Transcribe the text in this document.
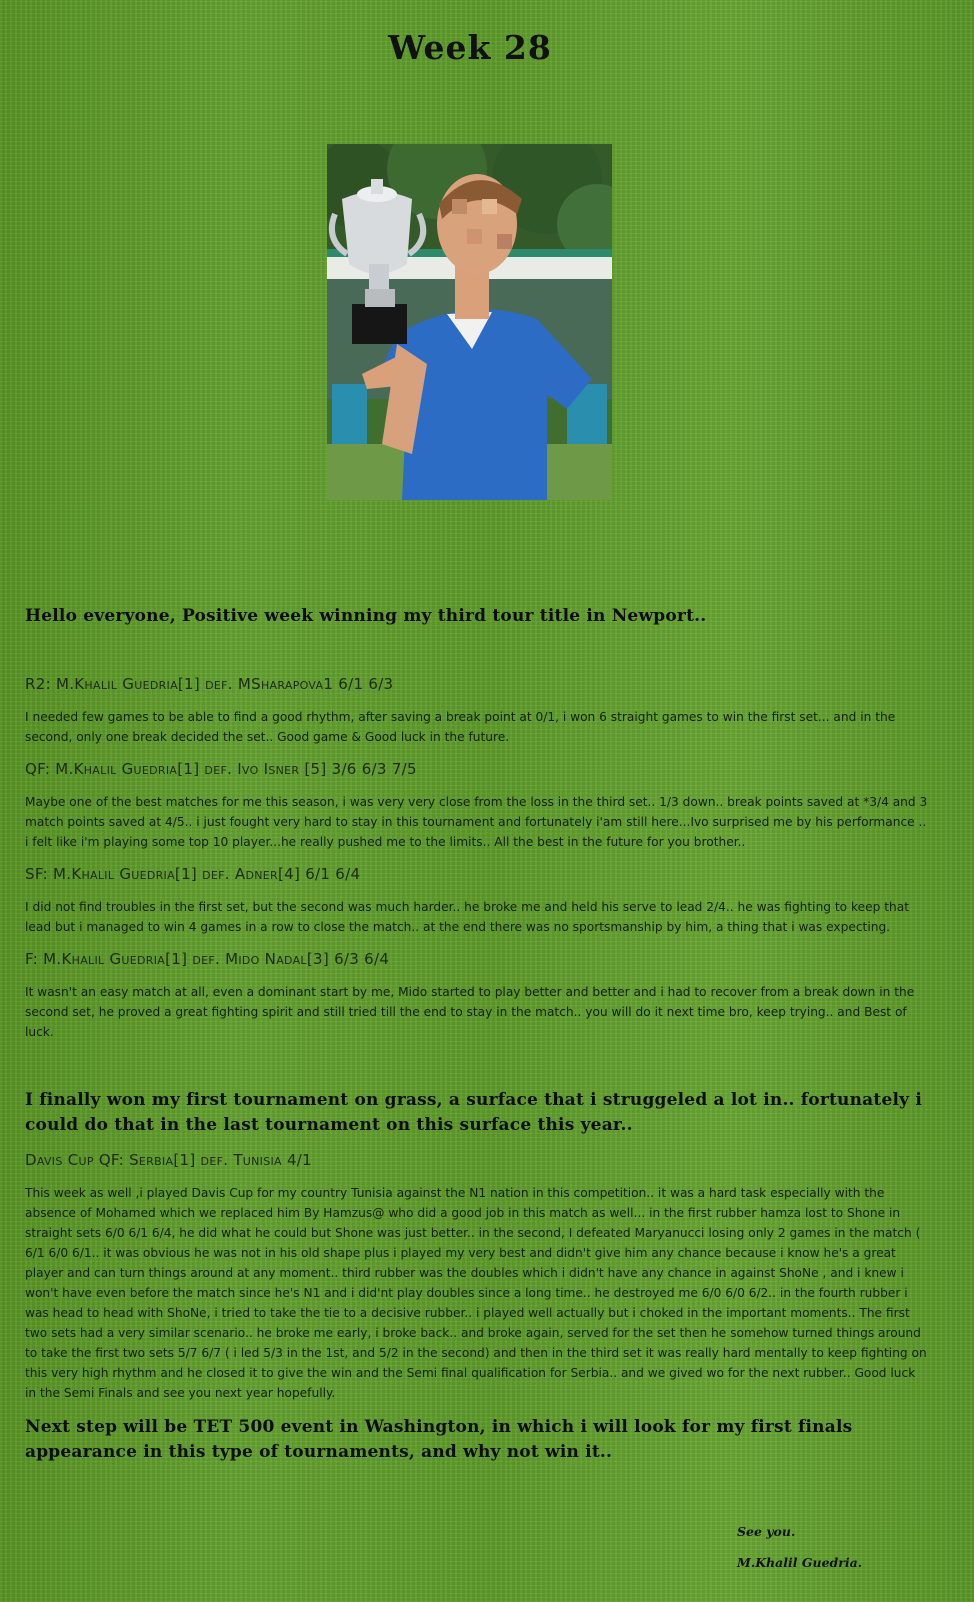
Week 28
Hello everyone, Positive week winning my third tour title in Newport..
R2: M.Khalil Guedria[1] def. MSharapova1 6/1 6/3
I needed few games to be able to find a good rhythm, after saving a break point at 0/1, i won 6 straight games to win the first set... and in the second, only one break decided the set.. Good game & Good luck in the future.
QF: M.Khalil Guedria[1] def. Ivo Isner [5] 3/6 6/3 7/5
Maybe one of the best matches for me this season, i was very very close from the loss in the third set.. 1/3 down.. break points saved at *3/4 and 3 match points saved at 4/5.. i just fought very hard to stay in this tournament and fortunately i'am still here...Ivo surprised me by his performance .. i felt like i'm playing some top 10 player...he really pushed me to the limits.. All the best in the future for you brother..
SF: M.Khalil Guedria[1] def. Adner[4] 6/1 6/4
I did not find troubles in the first set, but the second was much harder.. he broke me and held his serve to lead 2/4.. he was fighting to keep that lead but i managed to win 4 games in a row to close the match.. at the end there was no sportsmanship by him, a thing that i was expecting.
F: M.Khalil Guedria[1] def. Mido Nadal[3] 6/3 6/4
It wasn't an easy match at all, even a dominant start by me, Mido started to play better and better and i had to recover from a break down in the second set, he proved a great fighting spirit and still tried till the end to stay in the match.. you will do it next time bro, keep trying.. and Best of luck.
I finally won my first tournament on grass, a surface that i struggeled a lot in.. fortunately i could do that in the last tournament on this surface this year..
Davis Cup QF: Serbia[1] def. Tunisia 4/1
This week as well ,i played Davis Cup for my country Tunisia against the N1 nation in this competition.. it was a hard task especially with the absence of Mohamed which we replaced him By Hamzus@ who did a good job in this match as well... in the first rubber hamza lost to Shone in straight sets 6/0 6/1 6/4, he did what he could but Shone was just better.. in the second, I defeated Maryanucci losing only 2 games in the match ( 6/1 6/0 6/1.. it was obvious he was not in his old shape plus i played my very best and didn't give him any chance because i know he's a great player and can turn things around at any moment.. third rubber was the doubles which i didn't have any chance in against ShoNe , and i knew i won't have even before the match since he's N1 and i did'nt play doubles since a long time.. he destroyed me 6/0 6/0 6/2.. in the fourth rubber i was head to head with ShoNe, i tried to take the tie to a decisive rubber.. i played well actually but i choked in the important moments.. The first two sets had a very similar scenario.. he broke me early, i broke back.. and broke again, served for the set then he somehow turned things around to take the first two sets 5/7 6/7 ( i led 5/3 in the 1st, and 5/2 in the second) and then in the third set it was really hard mentally to keep fighting on this very high rhythm and he closed it to give the win and the Semi final qualification for Serbia.. and we gived wo for the next rubber.. Good luck in the Semi Finals and see you next year hopefully.
Next step will be TET 500 event in Washington, in which i will look for my first finals appearance in this type of tournaments, and why not win it..
See you.
M.Khalil Guedria.
